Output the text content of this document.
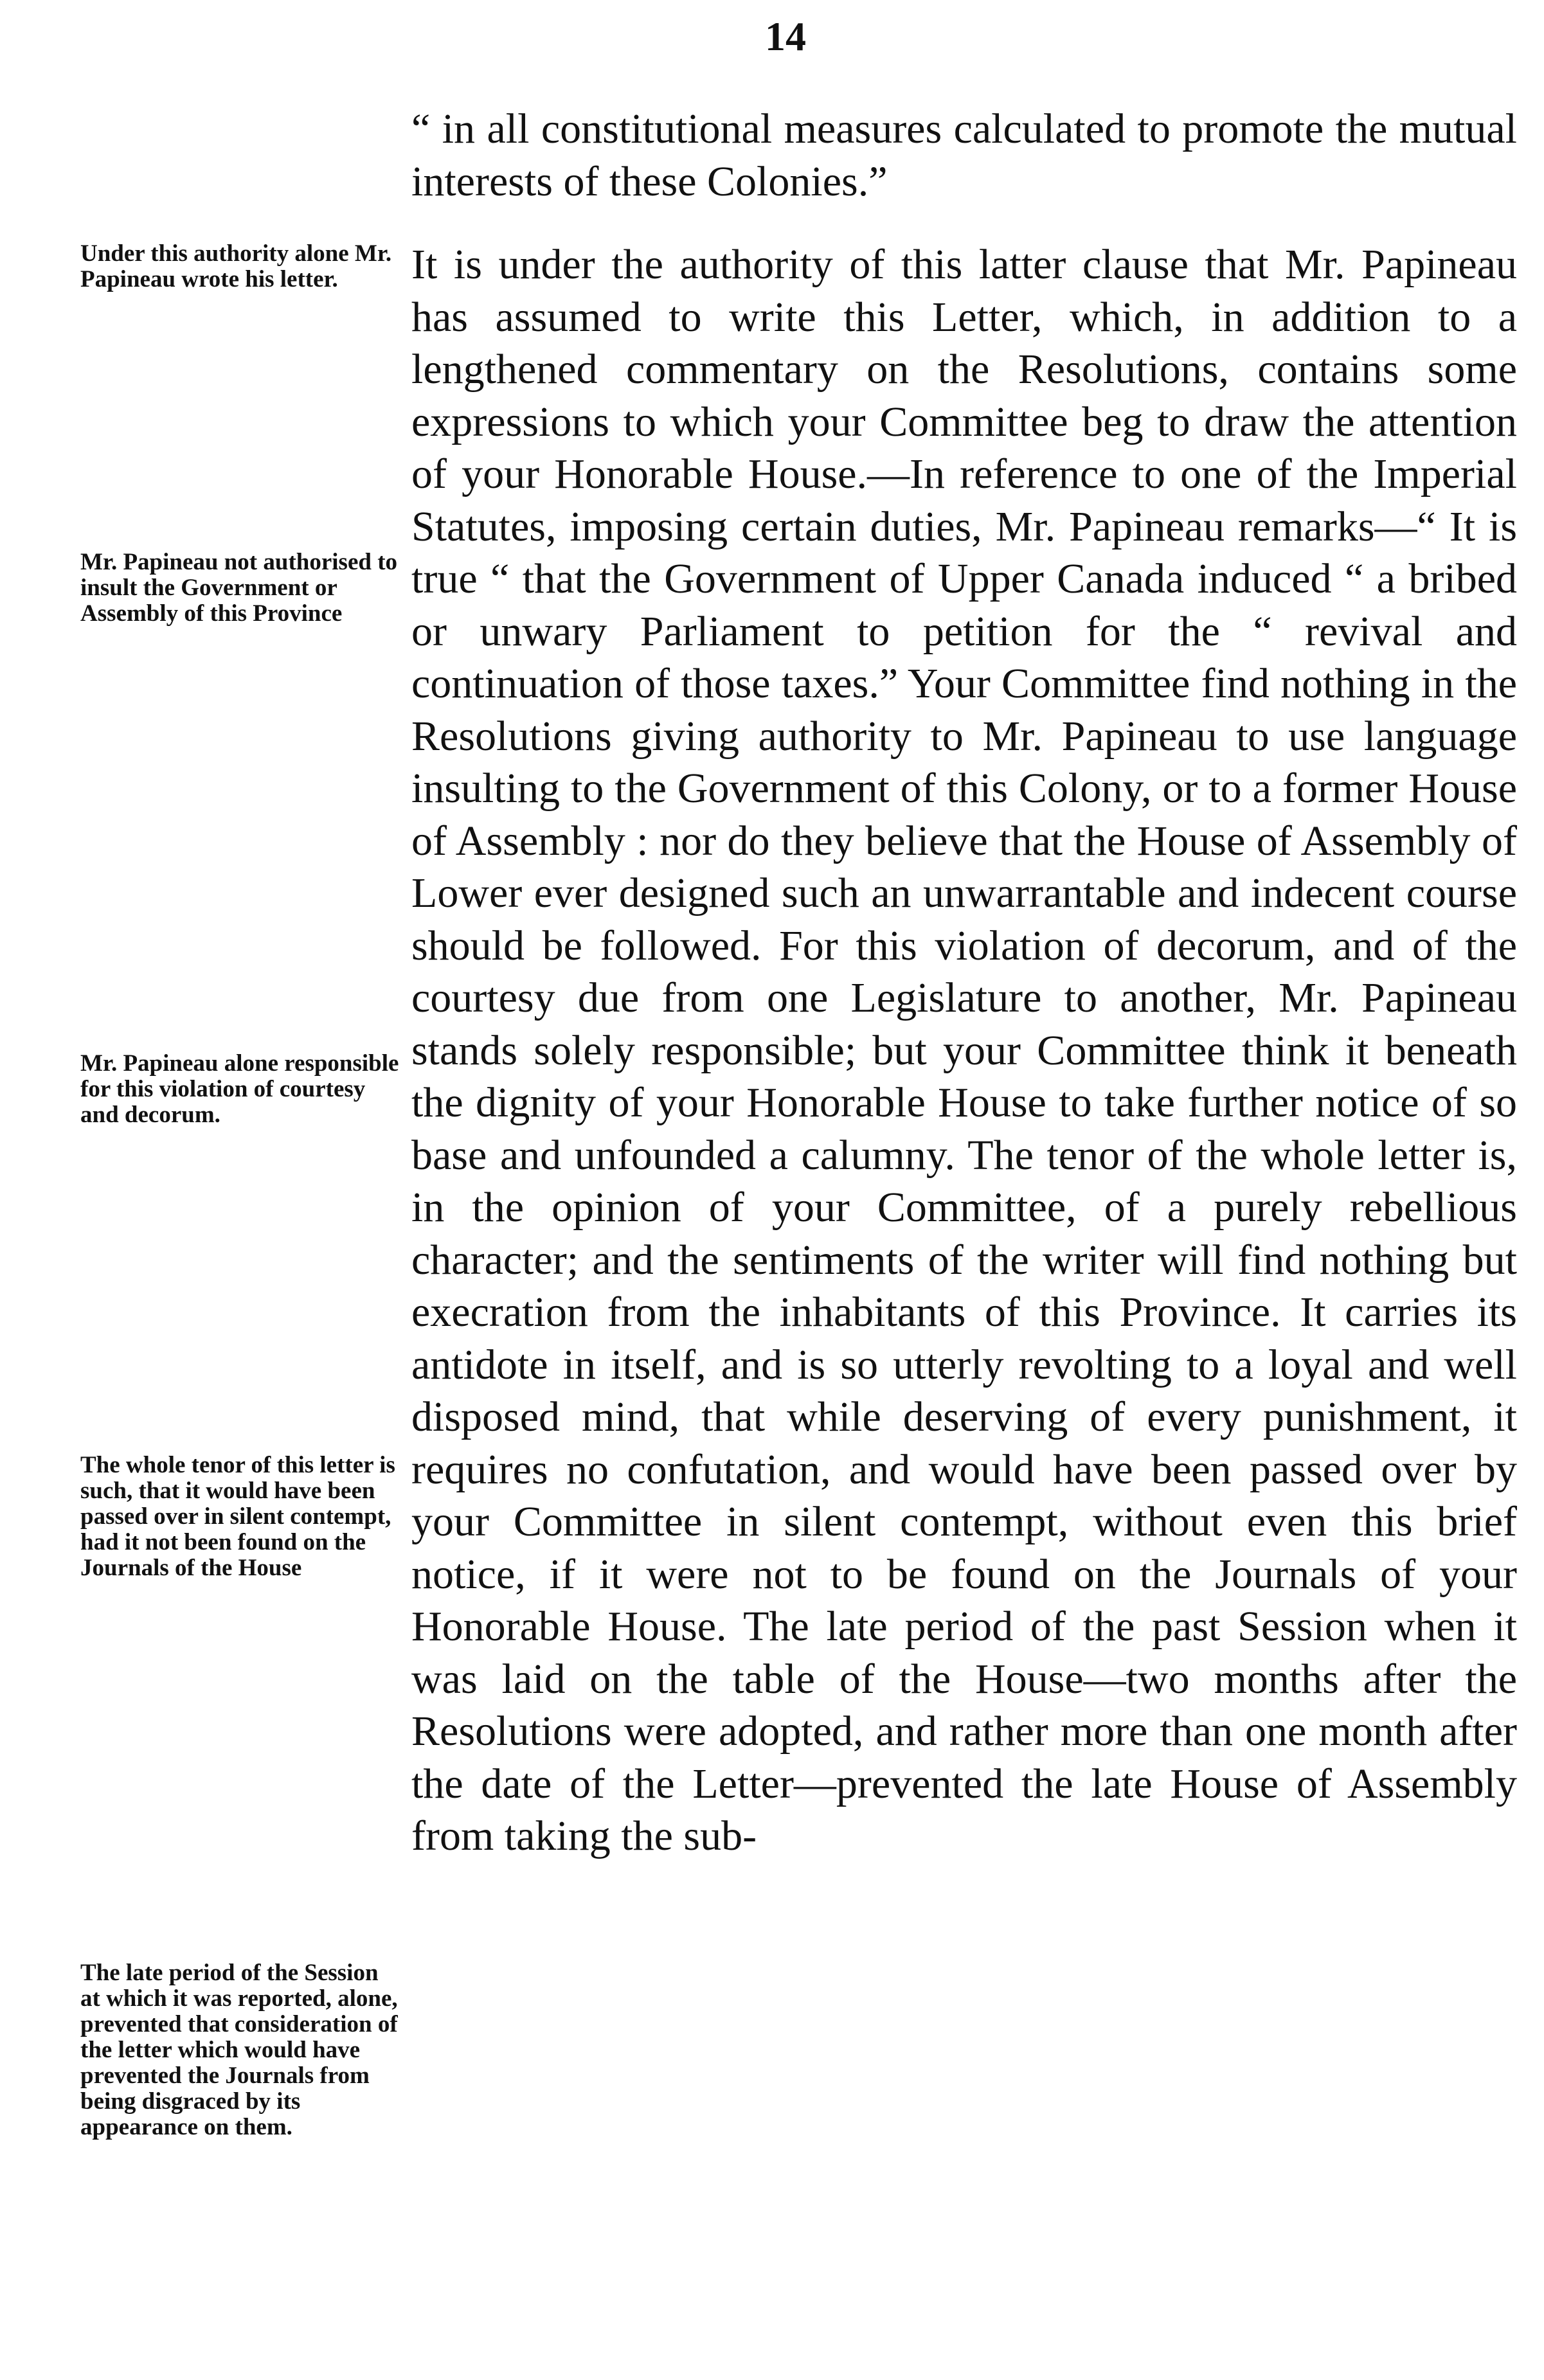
14
Under this authority alone Mr. Papineau wrote his letter.
Mr. Papineau not authorised to insult the Government or Assembly of this Province
Mr. Papineau alone responsible for this violation of courtesy and decorum.
The whole tenor of this letter is such, that it would have been passed over in silent contempt, had it not been found on the Journals of the House
The late period of the Session at which it was reported, alone, prevented that consideration of the letter which would have prevented the Journals from being disgraced by its appearance on them.

“ in all constitutional measures calculated to promote the mutual interests of these Colonies.”

It is under the authority of this latter clause that Mr. Papineau has assumed to write this Letter, which, in addition to a lengthened commentary on the Resolutions, contains some expressions to which your Committee beg to draw the attention of your Honorable House.—In reference to one of the Imperial Statutes, imposing certain duties, Mr. Papineau remarks—“ It is true “ that the Government of Upper Canada induced “ a bribed or unwary Parliament to petition for the “ revival and continuation of those taxes.” Your Committee find nothing in the Resolutions giving authority to Mr. Papineau to use language insulting to the Government of this Colony, or to a former House of Assembly : nor do they believe that the House of Assembly of Lower ever designed such an unwarrantable and indecent course should be followed. For this violation of decorum, and of the courtesy due from one Legislature to another, Mr. Papineau stands solely responsible; but your Committee think it beneath the dignity of your Honorable House to take further notice of so base and unfounded a calumny. The tenor of the whole letter is, in the opinion of your Committee, of a purely rebellious character; and the sentiments of the writer will find nothing but execration from the inhabitants of this Province. It carries its antidote in itself, and is so utterly revolting to a loyal and well disposed mind, that while deserving of every punishment, it requires no confutation, and would have been passed over by your Committee in silent contempt, without even this brief notice, if it were not to be found on the Journals of your Honorable House. The late period of the past Session when it was laid on the table of the House—two months after the Resolutions were adopted, and rather more than one month after the date of the Letter—prevented the late House of Assembly from taking the sub-
